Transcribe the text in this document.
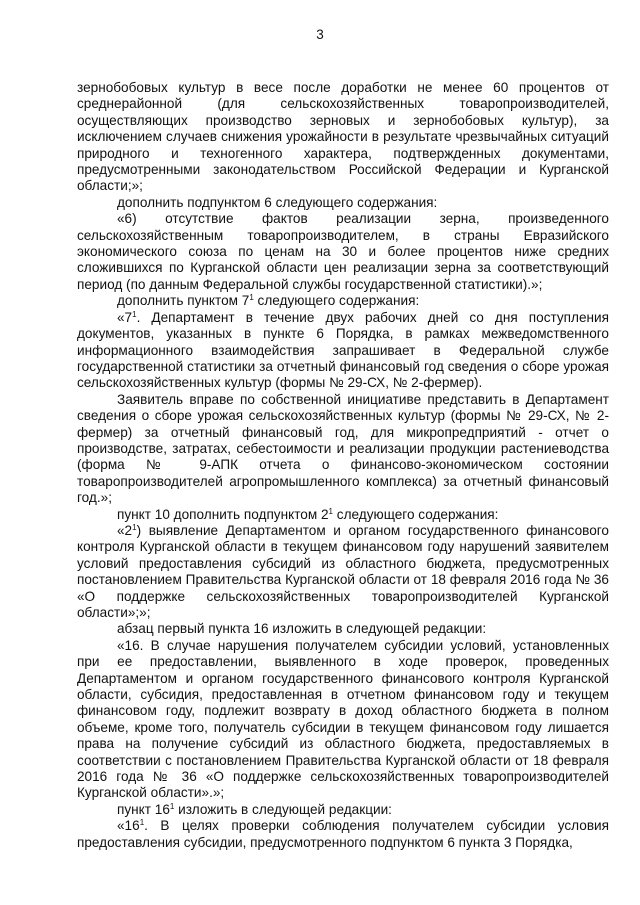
3

зернобобовых культур в весе после доработки не менее 60 процентов от среднерайонной (для сельскохозяйственных товаропроизводителей, осуществляющих производство зерновых и зернобобовых культур), за исключением случаев снижения урожайности в результате чрезвычайных ситуаций природного и техногенного характера, подтвержденных документами, предусмотренными законодательством Российской Федерации и Курганской области;»;

дополнить подпунктом 6 следующего содержания:

«6) отсутствие фактов реализации зерна, произведенного сельскохозяйственным товаропроизводителем, в страны Евразийского экономического союза по ценам на 30 и более процентов ниже средних сложившихся по Курганской области цен реализации зерна за соответствующий период (по данным Федеральной службы государственной статистики).»;

дополнить пунктом $7^1$ следующего содержания:

«$7^1$. Департамент в течение двух рабочих дней со дня поступления документов, указанных в пункте 6 Порядка, в рамках межведомственного информационного взаимодействия запрашивает в Федеральной службе государственной статистики за отчетный финансовый год сведения о сборе урожая сельскохозяйственных культур (формы № 29-СХ, № 2-фермер).

Заявитель вправе по собственной инициативе представить в Департамент сведения о сборе урожая сельскохозяйственных культур (формы № 29-СХ, № 2-фермер) за отчетный финансовый год, для микропредприятий - отчет о производстве, затратах, себестоимости и реализации продукции растениеводства (форма № 9-АПК отчета о финансово-экономическом состоянии товаропроизводителей агропромышленного комплекса) за отчетный финансовый год.»;

пункт 10 дополнить подпунктом $2^1$ следующего содержания:

«$2^1$) выявление Департаментом и органом государственного финансового контроля Курганской области в текущем финансовом году нарушений заявителем условий предоставления субсидий из областного бюджета, предусмотренных постановлением Правительства Курганской области от 18 февраля 2016 года № 36 «О поддержке сельскохозяйственных товаропроизводителей Курганской области»;»;

абзац первый пункта 16 изложить в следующей редакции:

«16. В случае нарушения получателем субсидии условий, установленных при ее предоставлении, выявленного в ходе проверок, проведенных Департаментом и органом государственного финансового контроля Курганской области, субсидия, предоставленная в отчетном финансовом году и текущем финансовом году, подлежит возврату в доход областного бюджета в полном объеме, кроме того, получатель субсидии в текущем финансовом году лишается права на получение субсидий из областного бюджета, предоставляемых в соответствии с постановлением Правительства Курганской области от 18 февраля 2016 года № 36 «О поддержке сельскохозяйственных товаропроизводителей Курганской области».»;

пункт $16^1$ изложить в следующей редакции:

«$16^1$. В целях проверки соблюдения получателем субсидии условия предоставления субсидии, предусмотренного подпунктом 6 пункта 3 Порядка,
